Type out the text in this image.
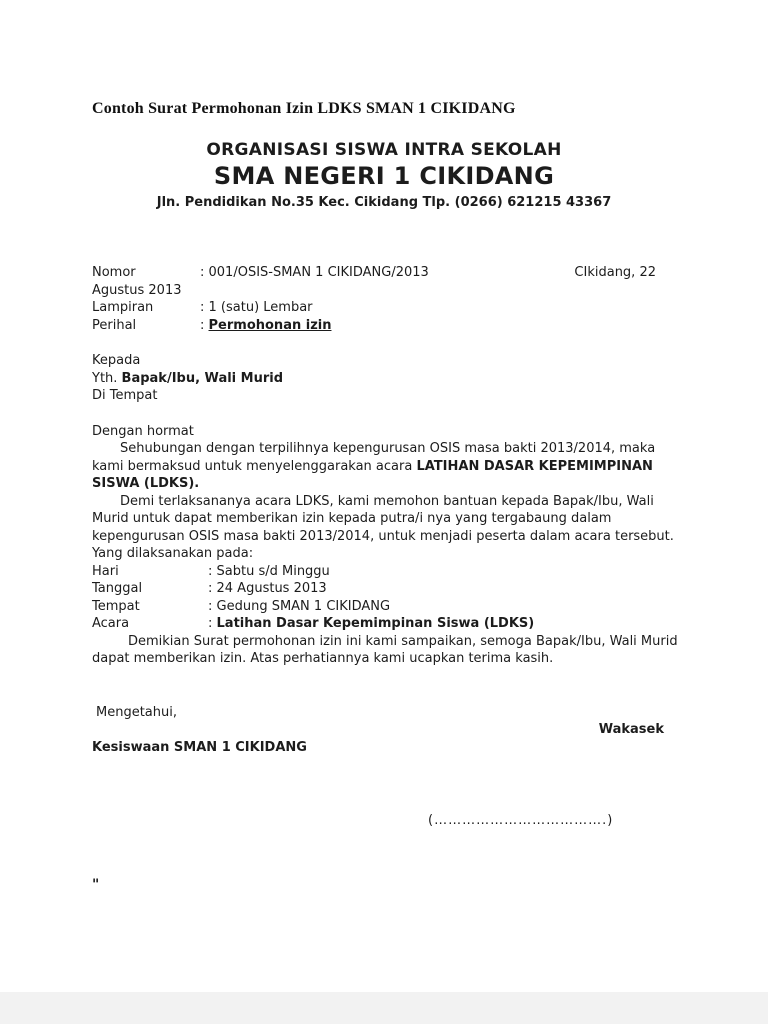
Contoh Surat Permohonan Izin LDKS SMAN 1 CIKIDANG
ORGANISASI SISWA INTRA SEKOLAH
SMA NEGERI 1 CIKIDANG
Jln. Pendidikan No.35 Kec. Cikidang Tlp. (0266) 621215 43367
Nomor	: 001/OSIS-SMAN 1 CIKIDANG/2013	CIkidang, 22
Agustus 2013
Lampiran	: 1 (satu) Lembar
Perihal	: Permohonan izin
Kepada
Yth. Bapak/Ibu, Wali Murid
Di Tempat
Dengan hormat

Sehubungan dengan terpilihnya kepengurusan OSIS masa bakti 2013/2014, maka kami bermaksud untuk menyelenggarakan acara LATIHAN DASAR KEPEMIMPINAN SISWA (LDKS).

Demi terlaksananya acara LDKS, kami memohon bantuan kepada Bapak/Ibu, Wali Murid untuk dapat memberikan izin kepada putra/i nya yang tergabaung dalam kepengurusan OSIS masa bakti 2013/2014, untuk menjadi peserta dalam acara tersebut.

Yang dilaksanakan pada:
Hari	: Sabtu s/d Minggu
Tanggal	: 24 Agustus 2013
Tempat	: Gedung SMAN 1 CIKIDANG
Acara	: Latihan Dasar Kepemimpinan Siswa (LDKS)

Demikian Surat permohonan izin ini kami sampaikan, semoga Bapak/Ibu, Wali Murid dapat memberikan izin. Atas perhatiannya kami ucapkan terima kasih.

Mengetahui,
Wakasek
Kesiswaan SMAN 1 CIKIDANG
(……………………………….)
"
